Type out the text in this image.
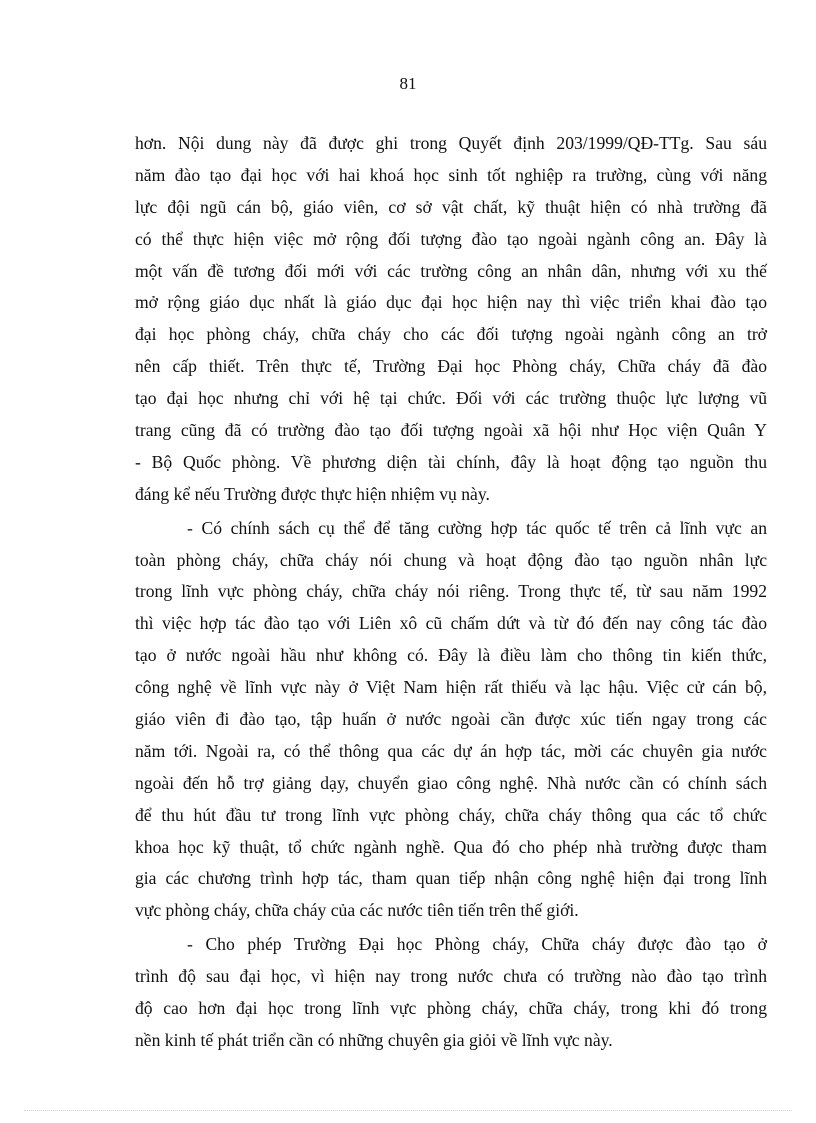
81
hơn. Nội dung này đã được ghi trong Quyết định 203/1999/QĐ-TTg. Sau sáu
năm đào tạo đại học với hai khoá học sinh tốt nghiệp ra trường, cùng với năng
lực đội ngũ cán bộ, giáo viên, cơ sở vật chất, kỹ thuật hiện có nhà trường đã
có thể thực hiện việc mở rộng đối tượng đào tạo ngoài ngành công an. Đây là
một vấn đề tương đối mới với các trường công an nhân dân, nhưng với xu thế
mở rộng giáo dục nhất là giáo dục đại học hiện nay thì việc triển khai đào tạo
đại học phòng cháy, chữa cháy cho các đối tượng ngoài ngành công an trở
nên cấp thiết. Trên thực tế, Trường Đại học Phòng cháy, Chữa cháy đã đào
tạo đại học nhưng chỉ với hệ tại chức. Đối với các trường thuộc lực lượng vũ
trang cũng đã có trường đào tạo đối tượng ngoài xã hội như Học viện Quân Y
- Bộ Quốc phòng. Về phương diện tài chính, đây là hoạt động tạo nguồn thu
đáng kể nếu Trường được thực hiện nhiệm vụ này.
- Có chính sách cụ thể để tăng cường hợp tác quốc tế trên cả lĩnh vực an
toàn phòng cháy, chữa cháy nói chung và hoạt động đào tạo nguồn nhân lực
trong lĩnh vực phòng cháy, chữa cháy nói riêng. Trong thực tế, từ sau năm 1992
thì việc hợp tác đào tạo với Liên xô cũ chấm dứt và từ đó đến nay công tác đào
tạo ở nước ngoài hầu như không có. Đây là điều làm cho thông tin kiến thức,
công nghệ về lĩnh vực này ở Việt Nam hiện rất thiếu và lạc hậu. Việc cử cán bộ,
giáo viên đi đào tạo, tập huấn ở nước ngoài cần được xúc tiến ngay trong các
năm tới. Ngoài ra, có thể thông qua các dự án hợp tác, mời các chuyên gia nước
ngoài đến hỗ trợ giảng dạy, chuyển giao công nghệ. Nhà nước cần có chính sách
để thu hút đầu tư trong lĩnh vực phòng cháy, chữa cháy thông qua các tổ chức
khoa học kỹ thuật, tổ chức ngành nghề. Qua đó cho phép nhà trường được tham
gia các chương trình hợp tác, tham quan tiếp nhận công nghệ hiện đại trong lĩnh
vực phòng cháy, chữa cháy của các nước tiên tiến trên thế giới.
- Cho phép Trường Đại học Phòng cháy, Chữa cháy được đào tạo ở
trình độ sau đại học, vì hiện nay trong nước chưa có trường nào đào tạo trình
độ cao hơn đại học trong lĩnh vực phòng cháy, chữa cháy, trong khi đó trong
nền kinh tế phát triển cần có những chuyên gia giỏi về lĩnh vực này.
